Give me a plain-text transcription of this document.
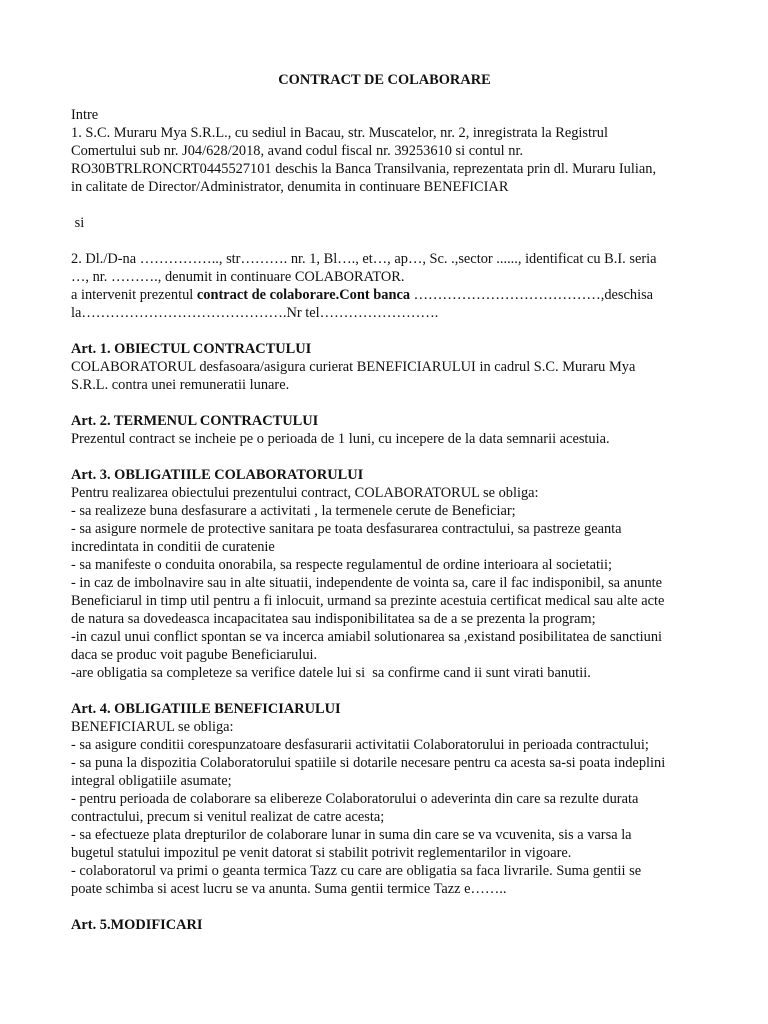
CONTRACT DE COLABORARE
Intre
1. S.C. Muraru Mya S.R.L., cu sediul in Bacau, str. Muscatelor, nr. 2, inregistrata la Registrul
Comertului sub nr. J04/628/2018, avand codul fiscal nr. 39253610 si contul nr.
RO30BTRLRONCRT0445527101 deschis la Banca Transilvania, reprezentata prin dl. Muraru Iulian,
in calitate de Director/Administrator, denumita in continuare BENEFICIAR
si
2. Dl./D-na …………….., str………. nr. 1, Bl…., et…, ap…, Sc. .,sector ......, identificat cu B.I. seria
…, nr. ………., denumit in continuare COLABORATOR.
a intervenit prezentul contract de colaborare.Cont banca …………………………………,deschisa
la…………………………………….Nr tel…………………….
Art. 1. OBIECTUL CONTRACTULUI
COLABORATORUL desfasoara/asigura curierat BENEFICIARULUI in cadrul S.C. Muraru Mya
S.R.L. contra unei remuneratii lunare.
Art. 2. TERMENUL CONTRACTULUI
Prezentul contract se incheie pe o perioada de 1 luni, cu incepere de la data semnarii acestuia.
Art. 3. OBLIGATIILE COLABORATORULUI
Pentru realizarea obiectului prezentului contract, COLABORATORUL se obliga:
- sa realizeze buna desfasurare a activitati , la termenele cerute de Beneficiar;
- sa asigure normele de protective sanitara pe toata desfasurarea contractului, sa pastreze geanta
incredintata in conditii de curatenie
- sa manifeste o conduita onorabila, sa respecte regulamentul de ordine interioara al societatii;
- in caz de imbolnavire sau in alte situatii, independente de vointa sa, care il fac indisponibil, sa anunte
Beneficiarul in timp util pentru a fi inlocuit, urmand sa prezinte acestuia certificat medical sau alte acte
de natura sa dovedeasca incapacitatea sau indisponibilitatea sa de a se prezenta la program;
-in cazul unui conflict spontan se va incerca amiabil solutionarea sa ,existand posibilitatea de sanctiuni
daca se produc voit pagube Beneficiarului.
-are obligatia sa completeze sa verifice datele lui si  sa confirme cand ii sunt virati banutii.
Art. 4. OBLIGATIILE BENEFICIARULUI
BENEFICIARUL se obliga:
- sa asigure conditii corespunzatoare desfasurarii activitatii Colaboratorului in perioada contractului;
- sa puna la dispozitia Colaboratorului spatiile si dotarile necesare pentru ca acesta sa-si poata indeplini
integral obligatiile asumate;
- pentru perioada de colaborare sa elibereze Colaboratorului o adeverinta din care sa rezulte durata
contractului, precum si venitul realizat de catre acesta;
- sa efectueze plata drepturilor de colaborare lunar in suma din care se va vcuvenita, sis a varsa la
bugetul statului impozitul pe venit datorat si stabilit potrivit reglementarilor in vigoare.
- colaboratorul va primi o geanta termica Tazz cu care are obligatia sa faca livrarile. Suma gentii se
poate schimba si acest lucru se va anunta. Suma gentii termice Tazz e……..
Art. 5.MODIFICARI
